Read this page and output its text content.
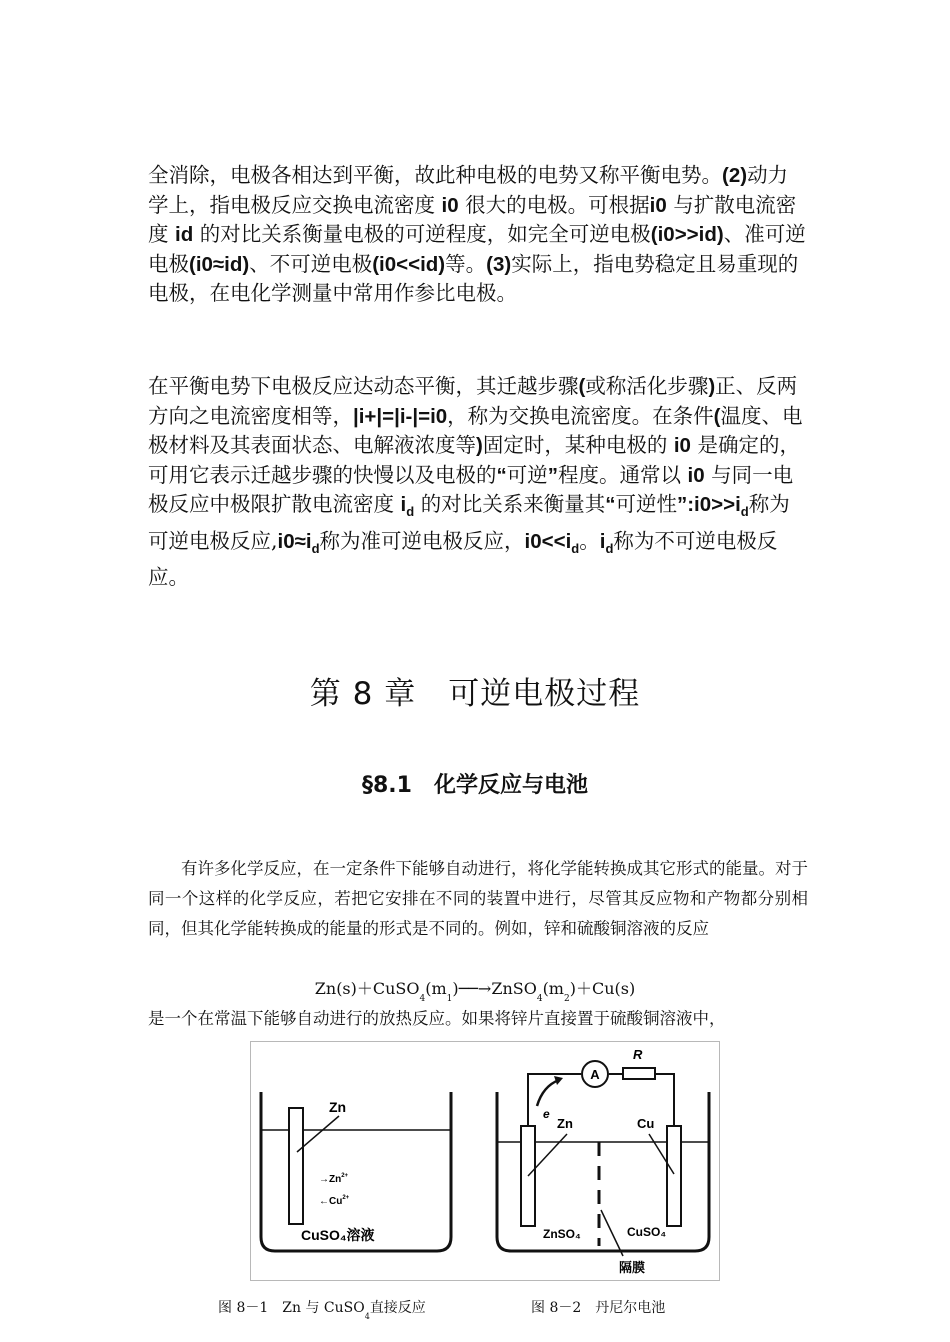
全消除，电极各相达到平衡，故此种电极的电势又称平衡电势。(2)动力学上，指电极反应交换电流密度 i0 很大的电极。可根据i0 与扩散电流密度 id 的对比关系衡量电极的可逆程度，如完全可逆电极(i0>>id)、准可逆电极(i0≈id)、不可逆电极(i0<<id)等。(3)实际上，指电势稳定且易重现的电极，在电化学测量中常用作参比电极。

在平衡电势下电极反应达动态平衡，其迁越步骤(或称活化步骤)正、反两方向之电流密度相等，|i+|=|i-|=i0，称为交换电流密度。在条件(温度、电极材料及其表面状态、电解液浓度等)固定时，某种电极的 i0 是确定的，可用它表示迁越步骤的快慢以及电极的“可逆”程度。通常以 i0 与同一电极反应中极限扩散电流密度 $i_d$ 的对比关系来衡量其“可逆性$”:i0>>i_d$称为可逆电极反应$,i0\approx i_d$称为准可逆电极反应，$i0<<i_d$。$i_d$称为不可逆电极反应。

第 8 章　可逆电极过程
§8.1　化学反应与电池

有许多化学反应，在一定条件下能够自动进行，将化学能转换成其它形式的能量。对于同一个这样的化学反应，若把它安排在不同的装置中进行，尽管其反应物和产物都分别相同，但其化学能转换成的能量的形式是不同的。例如，锌和硫酸铜溶液的反应

$Zn(s)+CuSO_4(m_1)──\to ZnSO_4(m_2)+Cu(s)$

是一个在常温下能够自动进行的放热反应。如果将锌片直接置于硫酸铜溶液中，

Zn
$\to Zn^{2+}$
$\leftarrow Cu^{2+}$
CuSO₄溶液
A
R
e
Zn	Cu
ZnSO₄	CuSO₄
隔膜
图 8－1　Zn 与 CuSO$_4$直接反应	图 8－2　丹尼尔电池
